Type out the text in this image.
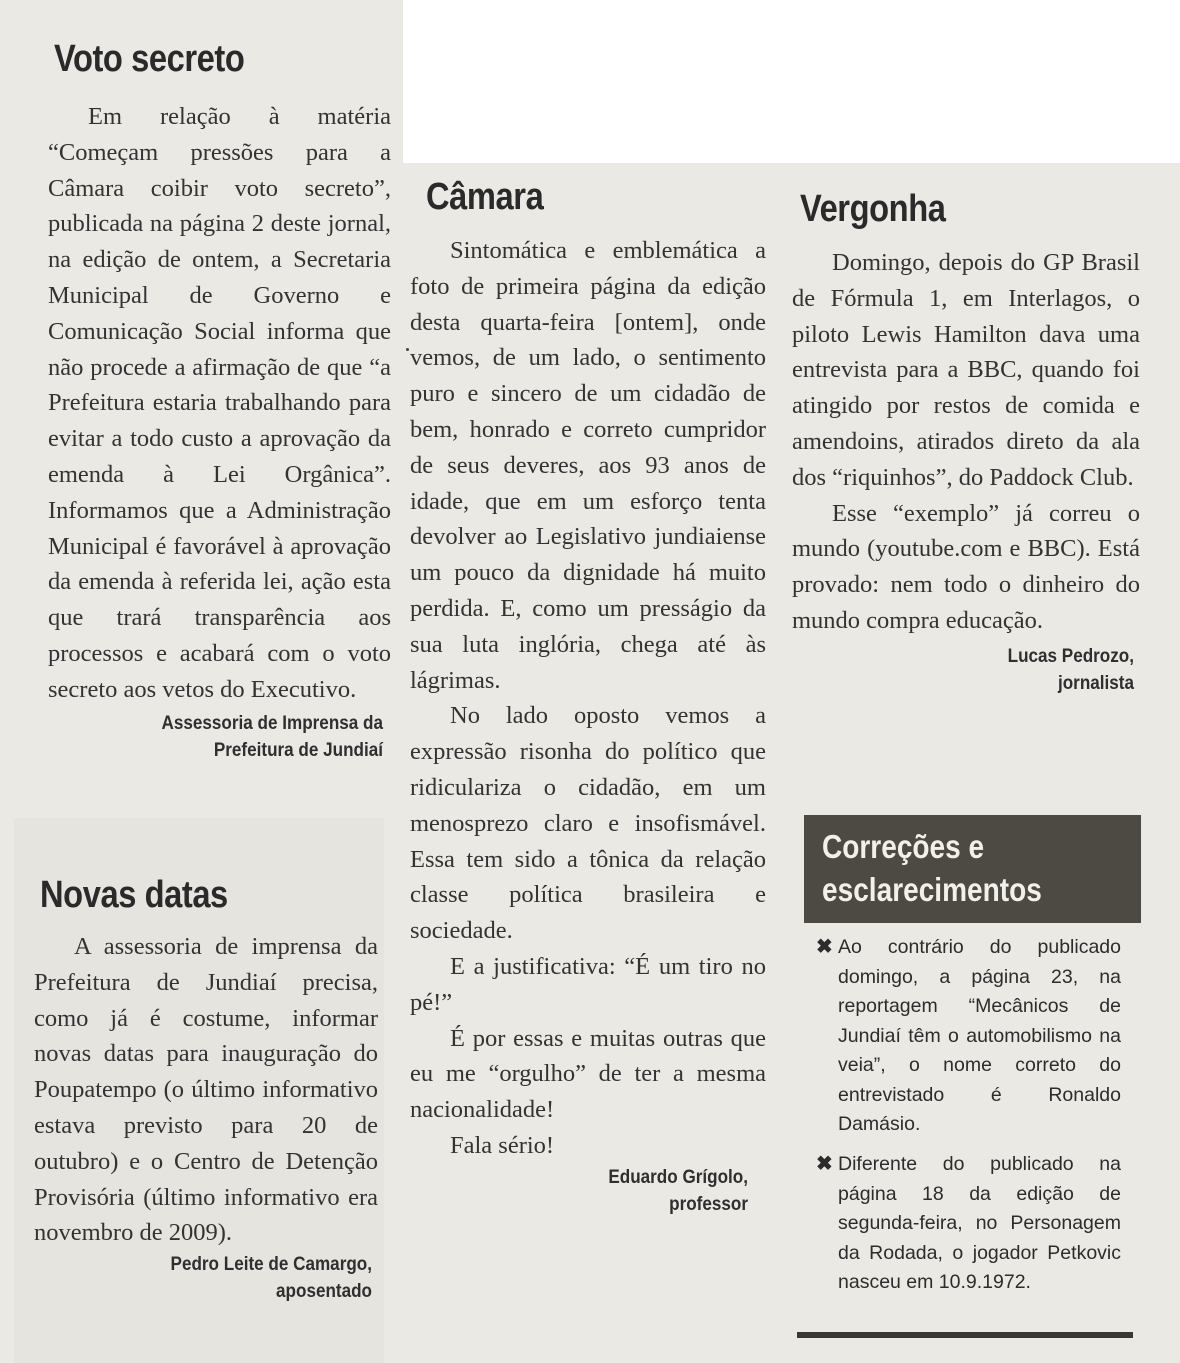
Voto secreto

Em relação à matéria “Começam pressões para a Câmara coibir voto secreto”, publicada na página 2 deste jornal, na edição de ontem, a Secretaria Municipal de Governo e Comunicação Social informa que não procede a afirmação de que “a Prefeitura estaria trabalhando para evitar a todo custo a aprovação da emenda à Lei Orgânica”. Informamos que a Administração Municipal é favorável à aprovação da emenda à referida lei, ação esta que trará transparência aos processos e acabará com o voto secreto aos vetos do Executivo.

Assessoria de Imprensa da
Prefeitura de Jundiaí
Novas datas

A assessoria de imprensa da Prefeitura de Jundiaí precisa, como já é costume, informar novas datas para inauguração do Poupatempo (o último informativo estava previsto para 20 de outubro) e o Centro de Detenção Provisória (último informativo era novembro de 2009).

Pedro Leite de Camargo,
aposentado
Câmara

Sintomática e emblemática a foto de primeira página da edição desta quarta-feira [ontem], onde vemos, de um lado, o sentimento puro e sincero de um cidadão de bem, honrado e correto cumpridor de seus deveres, aos 93 anos de idade, que em um esforço tenta devolver ao Legislativo jundiaiense um pouco da dignidade há muito perdida. E, como um presságio da sua luta inglória, chega até às lágrimas.

No lado oposto vemos a expressão risonha do político que ridiculariza o cidadão, em um menosprezo claro e insofismável. Essa tem sido a tônica da relação classe política brasileira e sociedade.

E a justificativa: “É um tiro no pé!”

É por essas e muitas outras que eu me “orgulho” de ter a mesma nacionalidade!

Fala sério!

Eduardo Grígolo,
professor
Vergonha

Domingo, depois do GP Brasil de Fórmula 1, em Interlagos, o piloto Lewis Hamilton dava uma entrevista para a BBC, quando foi atingido por restos de comida e amendoins, atirados direto da ala dos “riquinhos”, do Paddock Club.

Esse “exemplo” já correu o mundo (youtube.com e BBC). Está provado: nem todo o dinheiro do mundo compra educação.

Lucas Pedrozo,
jornalista
Correções e
esclarecimentos
✖ Ao contrário do publicado domingo, a página 23, na reportagem “Mecânicos de Jundiaí têm o automobilismo na veia”, o nome correto do entrevistado é Ronaldo Damásio.
✖ Diferente do publicado na página 18 da edição de segunda-feira, no Personagem da Rodada, o jogador Petkovic nasceu em 10.9.1972.
